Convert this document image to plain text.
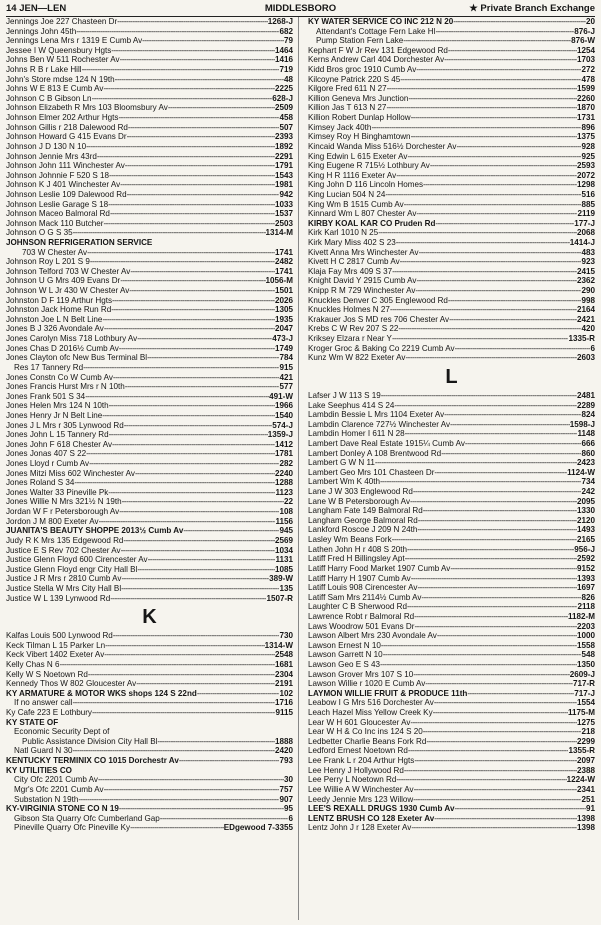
14 JEN—LEN	MIDDLESBORO	★ Private Branch Exchange
Jennings Joe 227 Chasteen Dr -----	1268-J
Jennings John 45th -----	682
Jennings Lena Mrs r 1319 E Cumb Av -----	79
Jessee I W Queensbury Hgts -----	1464
Johns Ben W 511 Rochester Av -----	1416
Johns R B r Lake Hill -----	719
John's Store mdse 124 N 19th -----	48
Johns W E 813 E Cumb Av -----	2225
Johnson C B Gibson Ln -----	628-J
Johnson Elizabeth R Mrs 103 Bloomsbury Av -----	2509
Johnson Elmer 202 Arthur Hgts -----	458
Johnson Gillis r 218 Dalewood Rd -----	507
Johnson Howard G 415 Evans Dr -----	2393
Johnson J D 130 N 10 -----	1892
Johnson Jennie Mrs 43rd -----	2291
Johnson John 111 Winchester Av -----	1791
Johnson Johnnie F 520 S 18 -----	1543
Johnson K J 401 Winchester Av -----	1981
Johnson Leslie 109 Dalewood Rd -----	942
Johnson Leslie Garage S 18 -----	1033
Johnson Maceo Balmoral Rd -----	1537
Johnson Mack 110 Butcher -----	2503
Johnson O G S 35 -----	1314-M
JOHNSON REFRIGERATION SERVICE
703 W Chester Av -----	1741
Johnson Roy L 201 S 9 -----	2482
Johnson Telford 703 W Chester Av -----	1741
Johnson U G Mrs 409 Evans Dr -----	1056-M
Johnson W L Jr 430 W Chester Av -----	1501
Johnston D F 119 Arthur Hgts -----	2026
Johnston Jack Home Run Rd -----	1305
Johnston Joe L N Belt Line -----	1935
Jones B J 326 Avondale Av -----	2047
Jones Carolyn Miss 718 Lothbury Av -----	473-J
Jones Chas D 2016½ Cumb Av -----	1749
Jones Clayton ofc New Bus Terminal Bl -----	784
Res 17 Tannery Rd -----	915
Jones Constn Co W Cumb Av -----	421
Jones Francis Hurst Mrs r N 10th -----	577
Jones Frank 501 S 34 -----	491-W
Jones Helen Mrs 124 N 10th -----	1966
Jones Henry Jr N Belt Line -----	1540
Jones J L Mrs r 305 Lynwood Rd -----	574-J
Jones John L 15 Tannery Rd -----	1359-J
Jones John F 618 Chester Av -----	1412
Jones Jonas 407 S 22 -----	1781
Jones Lloyd r Cumb Av -----	282
Jones Mitzi Miss 602 Winchester Av -----	2240
Jones Roland S 34 -----	1288
Jones Walter 33 Pineville Pk -----	1123
Jones Willie N Mrs 321½ N 19th -----	22
Jordan W F r Petersborough Av -----	108
Jordon J M 800 Exeter Av -----	1156
JUANITA'S BEAUTY SHOPPE 2013½ Cumb Av -----	945
Judy R K Mrs 135 Edgewood Rd -----	2569
Justice E S Rev 702 Chester Av -----	1034
Justice Glenn Floyd 600 Cirencester Av -----	1131
Justice Glenn Floyd engr City Hall Bl -----	1085
Justice J R Mrs r 2810 Cumb Av -----	389-W
Justice Stella W Mrs City Hall Bl -----	135
Justice W L 139 Lynwood Rd -----	1507-R
K
Kalfas Louis 500 Lynwood Rd -----	730
Keck Tilman L 15 Parker Ln -----	1314-W
Keck Vibert 1402 Exeter Av -----	2548
Kelly Chas N 6 -----	1681
Kelly W S Noetown Rd -----	2304
Kennedy Thos W 802 Gloucester Av -----	2191
KY ARMATURE & MOTOR WKS shops 124 S 22nd -----	102
If no answer call -----	1716
Ky Cafe 223 E Lothbury -----	9115
KY STATE OF
Economic Security Dept of
Public Assistance Division City Hall Bl -----	1888
Natl Guard N 30 -----	2420
KENTUCKY TERMINIX CO 1015 Dorchestr Av -----	793
KY UTILITIES CO
City Ofc 2201 Cumb Av -----	30
Mgr's Ofc 2201 Cumb Av -----	757
Substation N 19th -----	907
KY-VIRGINIA STONE CO N 19 -----	95
Gibson Sta Quarry Ofc Cumberland Gap -----	6
Pineville Quarry Ofc Pineville Ky -----	EDgewood 7-3355
KY WATER SERVICE CO INC 212 N 20 -----	20
Attendant's Cottage Fern Lake Hl -----	876-J
Pump Station Fern Lake -----	876-W
Kephart F W Jr Rev 131 Edgewood Rd -----	1254
Kerns Andrew Carl 404 Dorchester Av -----	1703
Kidd Bros groc 1910 Cumb Av -----	272
Kilcoyne Patrick 220 S 45 -----	478
Kilgore Fred 611 N 27 -----	1599
Killion Geneva Mrs Junction -----	2260
Killion Jas T 613 N 27 -----	1870
Killion Robert Dunlap Hollow -----	1731
Kimsey Jack 40th -----	896
Kimsey Roy H Binghamtown -----	1375
Kincaid Wanda Miss 516½ Dorchester Av -----	928
King Edwin L 615 Exeter Av -----	925
King Eugene R 715½ Lothbury Av -----	2593
King H R 1116 Exeter Av -----	2072
King John D 116 Lincoln Homes -----	1298
King Lucian 504 N 24 -----	516
King Wm B 1515 Cumb Av -----	885
Kinnard Wm L 807 Chester Av -----	2119
KIRBY KOAL KAR CO Pruden Rd -----	177-J
Kirk Karl 1010 N 25 -----	2068
Kirk Mary Miss 402 S 23 -----	1414-J
Kivett Anna Mrs Winchester Av -----	483
Kivett H C 2817 Cumb Av -----	923
Klaja Fay Mrs 409 S 37 -----	2415
Knight David Y 2915 Cumb Av -----	2362
Knipp R M 729 Winchester Av -----	290
Knuckles Denver C 305 Englewood Rd -----	998
Knuckles Holmes N 27 -----	2164
Krakauer Jos S MD res 706 Chester Av -----	2421
Krebs C W Rev 207 S 22 -----	420
Kriksey Elzara r Near Y -----	1335-R
Kroger Groc & Baking Co 2219 Cumb Av -----	6
Kunz Wm W 822 Exeter Av -----	2603
L
Lafser J W 113 S 19 -----	2481
Lake Seephus 414 S 24 -----	2289
Lambdin Bessie L Mrs 1104 Exeter Av -----	824
Lambdin Clarence 727½ Winchester Av -----	1598-J
Lambdin Homer I 611 N 28 -----	1148
Lambert Dave Real Estate 1915¼ Cumb Av -----	666
Lambert Donley A 108 Brentwood Rd -----	860
Lambert G W N 11 -----	2423
Lambert Geo Mrs 101 Chasteen Dr -----	1124-W
Lambert Wm K 40th -----	734
Lane J W 303 Englewood Rd -----	242
Lane W B Petersborough Av -----	2095
Langham Fate 149 Balmoral Rd -----	1330
Langham George Balmoral Rd -----	2120
Lankford Roscoe J 209 N 24th -----	1493
Lasley Wm Beans Fork -----	2165
Lathen John H r 408 S 20th -----	956-J
Latiff Fred H Billingsley Apt -----	2592
Latiff Harry Food Market 1907 Cumb Av -----	9152
Latiff Harry H 1907 Cumb Av -----	1393
Latiff Louis 908 Cirencester Av -----	1697
Latiff Sam Mrs 2114½ Cumb Av -----	826
Laughter C B Sherwood Rd -----	2118
Lawrence Robt r Balmoral Rd -----	1182-M
Laws Woodrow 501 Evans Dr -----	2203
Lawson Albert Mrs 230 Avondale Av -----	1000
Lawson Ernest N 10 -----	1558
Lawson Garrett N 10 -----	548
Lawson Geo E S 43 -----	1350
Lawson Grover Mrs 107 S 10 -----	2609-J
Lawson Willie r 1020 E Cumb Av -----	717-R
LAYMON WILLIE FRUIT & PRODUCE 11th -----	717-J
Leabow I G Mrs 516 Dorchester Av -----	1554
Leach Hazel Miss Yellow Creek Ky -----	1175-M
Lear W H 601 Gloucester Av -----	1275
Lear W H & Co Inc ins 124 S 20 -----	218
Ledbetter Charlie Beans Fork Rd -----	2299
Ledford Ernest Noetown Rd -----	1355-R
Lee Frank L r 204 Arthur Hgts -----	2097
Lee Henry J Hollywood Rd -----	2388
Lee Perry L Noetown Rd -----	1224-W
Lee Willie A W Winchester Av -----	2341
Leedy Jennie Mrs 123 Willow -----	251
LEE'S REXALL DRUGS 1930 Cumb Av -----	91
LENTZ BRUSH CO 128 Exeter Av -----	1398
Lentz John J r 128 Exeter Av -----	1398
